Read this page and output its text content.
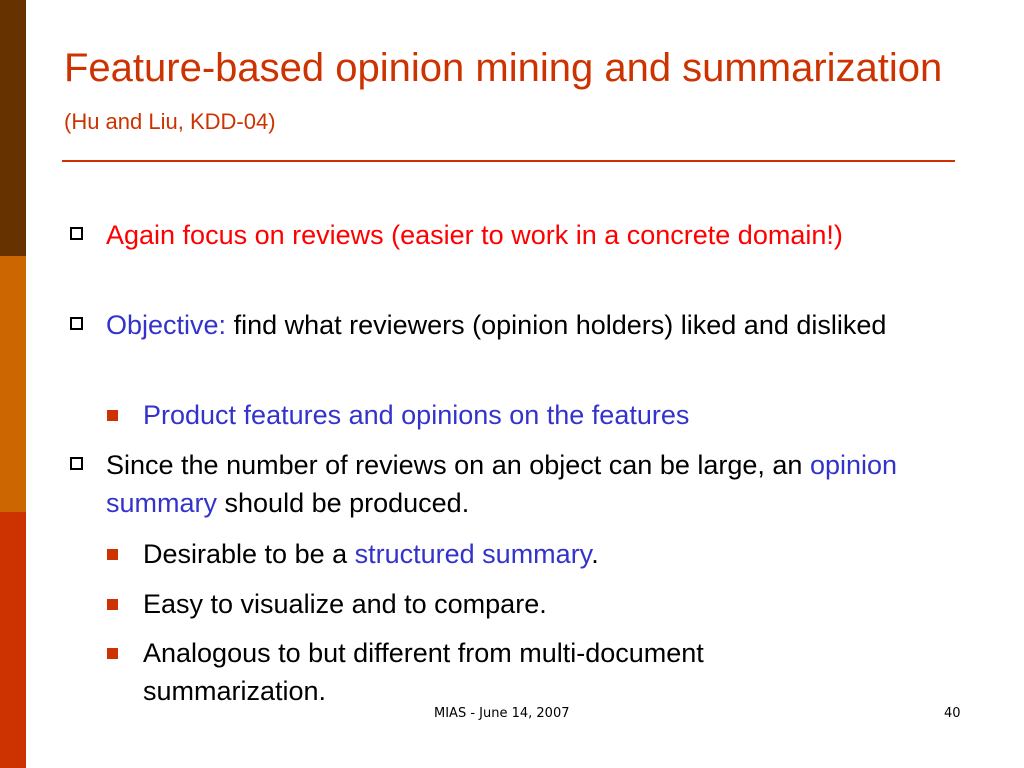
Feature-based opinion mining and summarization (Hu and Liu, KDD-04)
Again focus on reviews (easier to work in a concrete domain!)
Objective: find what reviewers (opinion holders) liked and disliked
Product features and opinions on the features
Since the number of reviews on an object can be large, an opinion summary should be produced.
Desirable to be a structured summary.
Easy to visualize and to compare.
Analogous to but different from multi-document summarization.
MIAS - June 14, 2007	40
